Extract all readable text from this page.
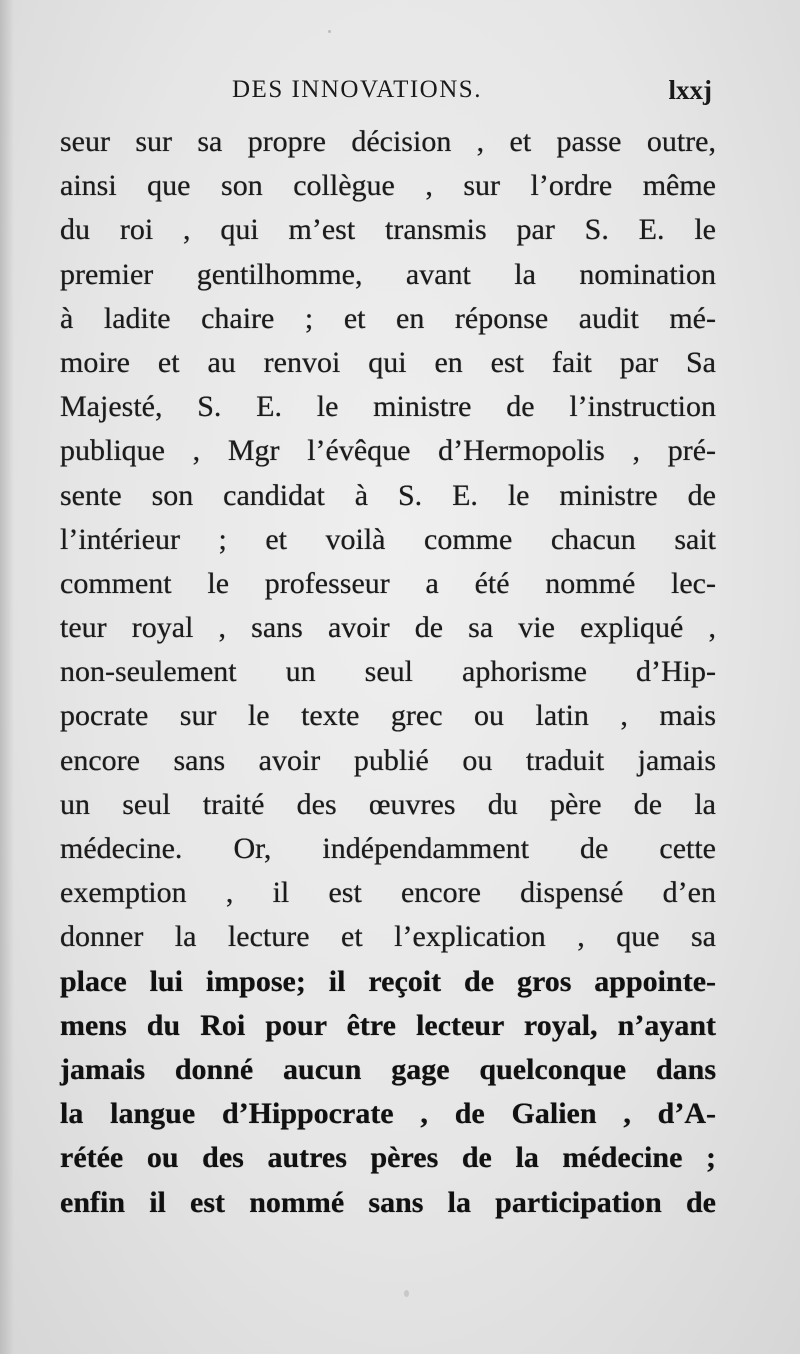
DES INNOVATIONS.	lxxj
seur sur sa propre décision , et passe outre,
ainsi que son collègue , sur l’ordre même
du roi , qui m’est transmis par S. E. le
premier gentilhomme, avant la nomination
à ladite chaire ; et en réponse audit mé-
moire et au renvoi qui en est fait par Sa
Majesté, S. E. le ministre de l’instruction
publique , Mgr l’évêque d’Hermopolis , pré-
sente son candidat à S. E. le ministre de
l’intérieur ; et voilà comme chacun sait
comment le professeur a été nommé lec-
teur royal , sans avoir de sa vie expliqué ,
non-seulement un seul aphorisme d’Hip-
pocrate sur le texte grec ou latin , mais
encore sans avoir publié ou traduit jamais
un seul traité des œuvres du père de la
médecine. Or, indépendamment de cette
exemption , il est encore dispensé d’en
donner la lecture et l’explication , que sa
place lui impose; il reçoit de gros appointe-
mens du Roi pour être lecteur royal, n’ayant
jamais donné aucun gage quelconque dans
la langue d’Hippocrate , de Galien , d’A-
rétée ou des autres pères de la médecine ;
enfin il est nommé sans la participation de
